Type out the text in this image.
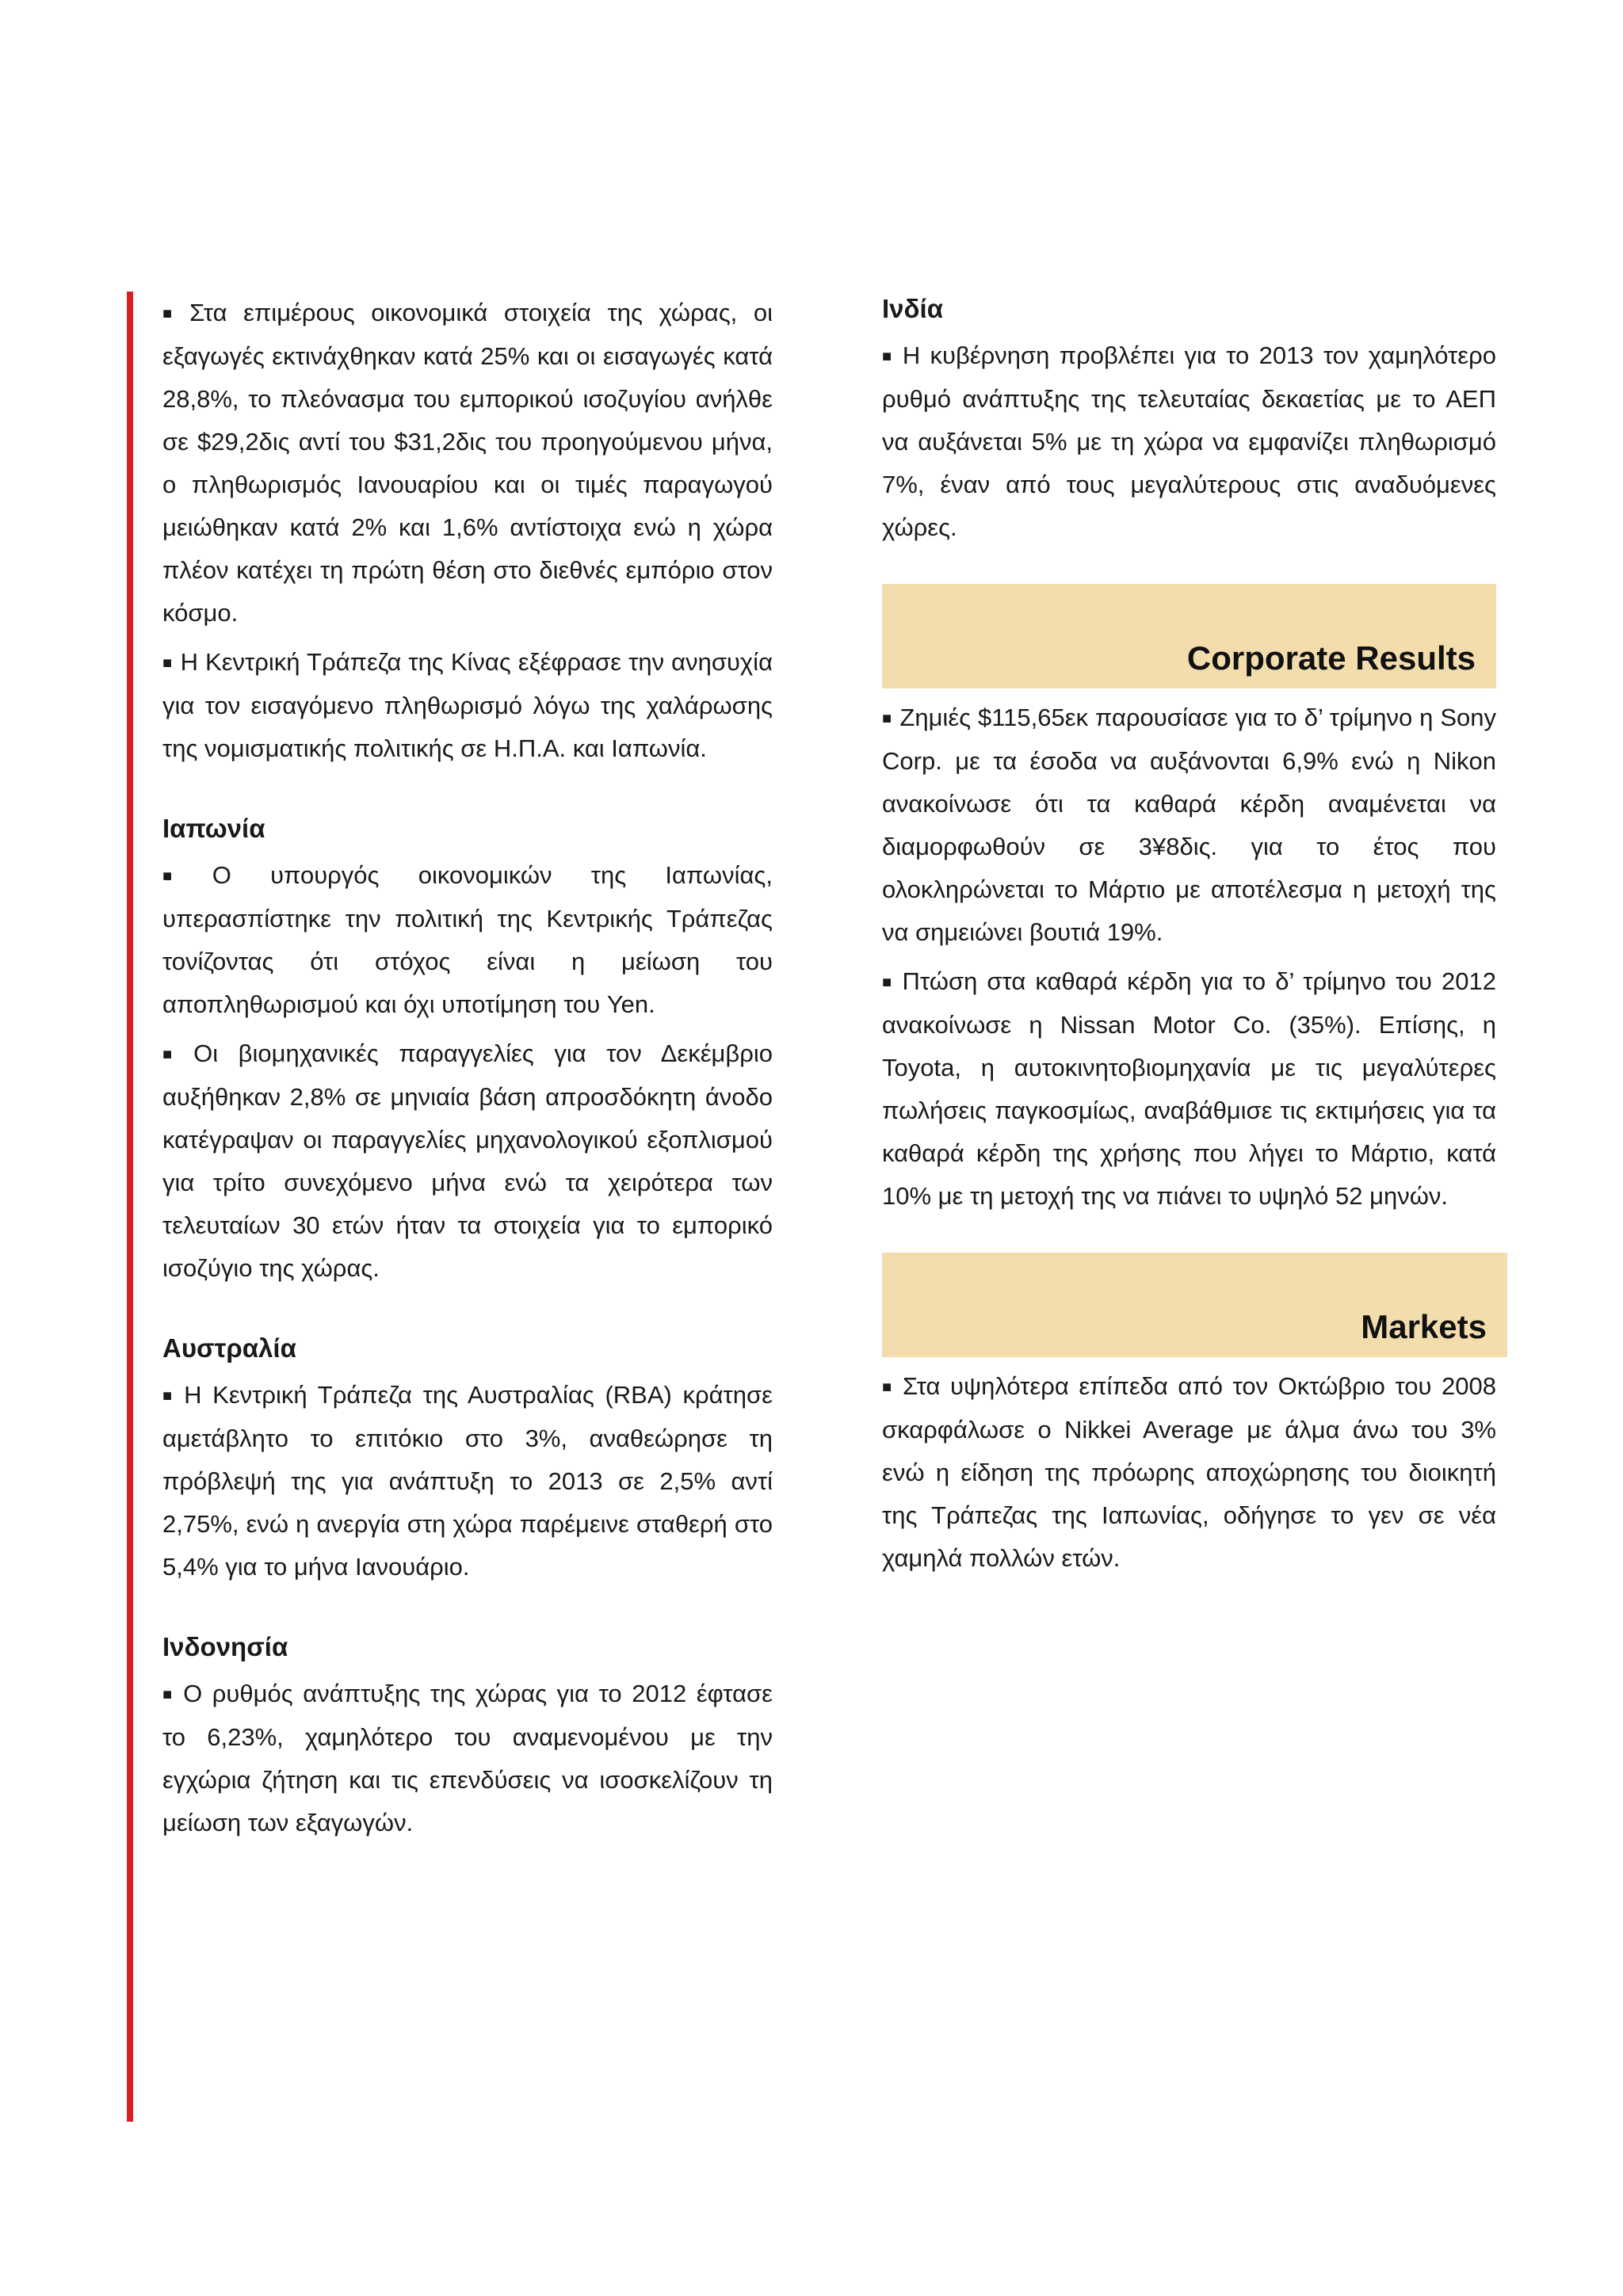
■ Στα επιμέρους οικονομικά στοιχεία της χώρας, οι εξαγωγές εκτινάχθηκαν κατά 25% και οι εισαγωγές κατά 28,8%, το πλεόνασμα του εμπορικού ισοζυγίου ανήλθε σε $29,2δις αντί του $31,2δις του προηγούμενου μήνα, ο πληθωρισμός Ιανουαρίου και οι τιμές παραγωγού μειώθηκαν κατά 2% και 1,6% αντίστοιχα ενώ η χώρα πλέον κατέχει τη πρώτη θέση στο διεθνές εμπόριο στον κόσμο.

■ Η Κεντρική Τράπεζα της Κίνας εξέφρασε την ανησυχία για τον εισαγόμενο πληθωρισμό λόγω της χαλάρωσης της νομισματικής πολιτικής σε Η.Π.Α. και Ιαπωνία.

Ιαπωνία

■ Ο υπουργός οικονομικών της Ιαπωνίας, υπερασπίστηκε την πολιτική της Κεντρικής Τράπεζας τονίζοντας ότι στόχος είναι η μείωση του αποπληθωρισμού και όχι υποτίμηση του Yen.

■ Οι βιομηχανικές παραγγελίες για τον Δεκέμβριο αυξήθηκαν 2,8% σε μηνιαία βάση απροσδόκητη άνοδο κατέγραψαν οι παραγγελίες μηχανολογικού εξοπλισμού για τρίτο συνεχόμενο μήνα ενώ τα χειρότερα των τελευταίων 30 ετών ήταν τα στοιχεία για το εμπορικό ισοζύγιο της χώρας.

Αυστραλία

■ Η Κεντρική Τράπεζα της Αυστραλίας (RBA) κράτησε αμετάβλητο το επιτόκιο στο 3%, αναθεώρησε τη πρόβλεψή της για ανάπτυξη το 2013 σε 2,5% αντί 2,75%, ενώ η ανεργία στη χώρα παρέμεινε σταθερή στο 5,4% για το μήνα Ιανουάριο.

Ινδονησία

■ Ο ρυθμός ανάπτυξης της χώρας για το 2012 έφτασε το 6,23%, χαμηλότερο του αναμενομένου με την εγχώρια ζήτηση και τις επενδύσεις να ισοσκελίζουν τη μείωση των εξαγωγών.

Ινδία

■ Η κυβέρνηση προβλέπει για το 2013 τον χαμηλότερο ρυθμό ανάπτυξης της τελευταίας δεκαετίας με το ΑΕΠ να αυξάνεται 5% με τη χώρα να εμφανίζει πληθωρισμό 7%, έναν από τους μεγαλύτερους στις αναδυόμενες χώρες.

Corporate Results

■ Ζημιές $115,65εκ παρουσίασε για το δ’ τρίμηνο η Sony Corp. με τα έσοδα να αυξάνονται 6,9% ενώ η Nikon ανακοίνωσε ότι τα καθαρά κέρδη αναμένεται να διαμορφωθούν σε 3¥8δις. για το έτος που ολοκληρώνεται το Μάρτιο με αποτέλεσμα η μετοχή της να σημειώνει βουτιά 19%.

■ Πτώση στα καθαρά κέρδη για το δ’ τρίμηνο του 2012 ανακοίνωσε η Nissan Motor Co. (35%). Επίσης, η Toyota, η αυτοκινητοβιομηχανία με τις μεγαλύτερες πωλήσεις παγκοσμίως, αναβάθμισε τις εκτιμήσεις για τα καθαρά κέρδη της χρήσης που λήγει το Μάρτιο, κατά 10% με τη μετοχή της να πιάνει το υψηλό 52 μηνών.

Markets

■ Στα υψηλότερα επίπεδα από τον Οκτώβριο του 2008 σκαρφάλωσε ο Nikkei Average με άλμα άνω του 3% ενώ η είδηση της πρόωρης αποχώρησης του διοικητή της Τράπεζας της Ιαπωνίας, οδήγησε το γεν σε νέα χαμηλά πολλών ετών.
